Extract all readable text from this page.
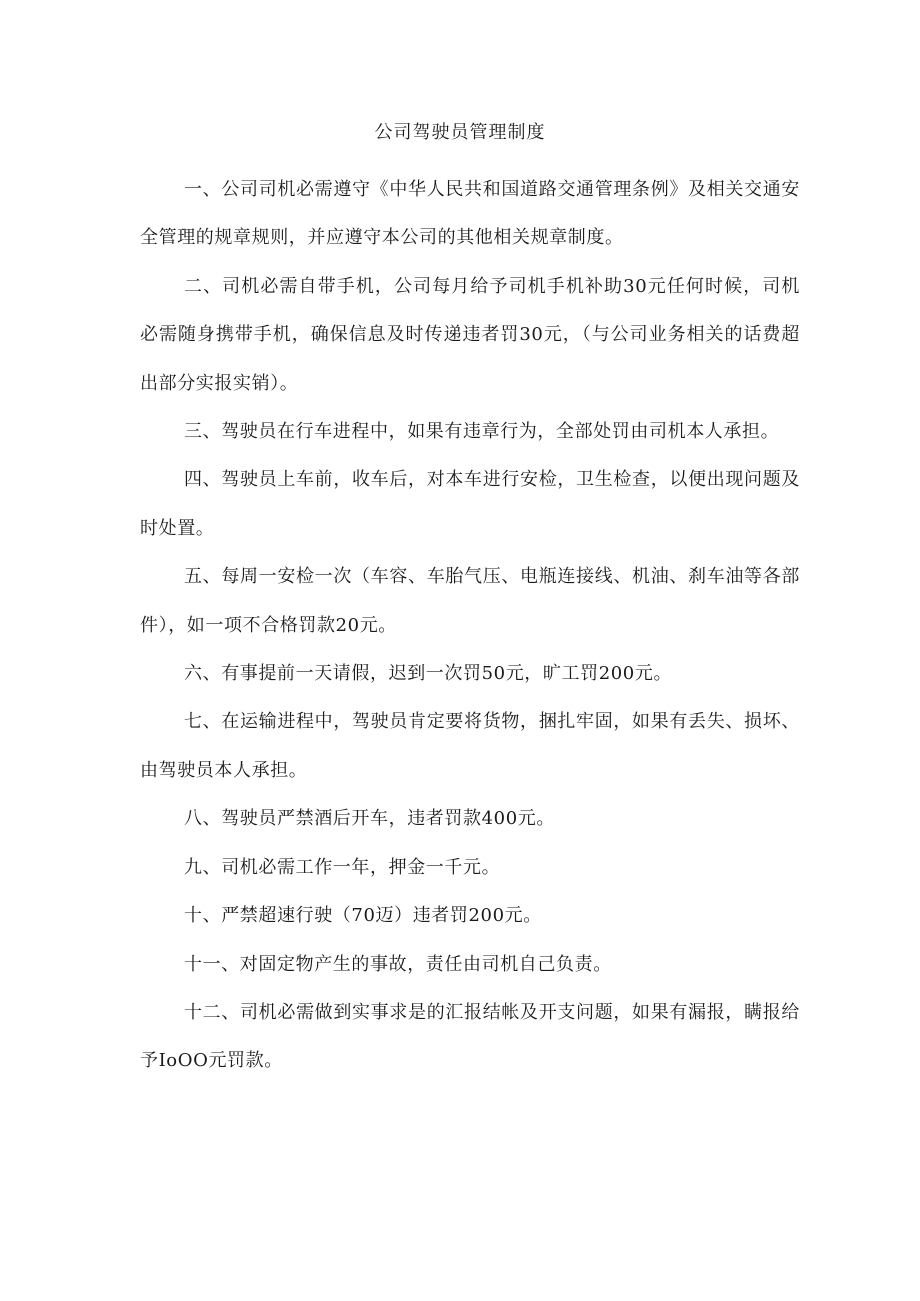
公司驾驶员管理制度

一、公司司机必需遵守《中华人民共和国道路交通管理条例》及相关交通安全管理的规章规则，并应遵守本公司的其他相关规章制度。

二、司机必需自带手机，公司每月给予司机手机补助30元任何时候，司机必需随身携带手机，确保信息及时传递违者罚30元，（与公司业务相关的话费超出部分实报实销）。

三、驾驶员在行车进程中，如果有违章行为，全部处罚由司机本人承担。

四、驾驶员上车前，收车后，对本车进行安检，卫生检查，以便出现问题及时处置。

五、每周一安检一次（车容、车胎气压、电瓶连接线、机油、刹车油等各部件），如一项不合格罚款20元。

六、有事提前一天请假，迟到一次罚50元，旷工罚200元。

七、在运输进程中，驾驶员肯定要将货物，捆扎牢固，如果有丢失、损坏、由驾驶员本人承担。

八、驾驶员严禁酒后开车，违者罚款400元。

九、司机必需工作一年，押金一千元。

十、严禁超速行驶（70迈）违者罚200元。

十一、对固定物产生的事故，责任由司机自己负责。

十二、司机必需做到实事求是的汇报结帐及开支问题，如果有漏报，瞒报给予IoOO元罚款。
